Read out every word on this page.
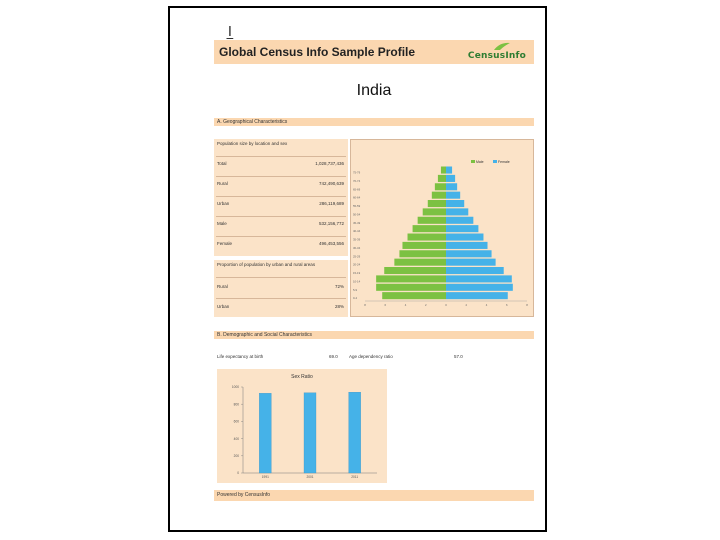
I̲
Global Census Info Sample Profile	CensusInfo
India
A. Geographical Characteristics
Population size by location and sex
Total	1,028,737,436
Rural	742,490,639
Urban	286,119,689
Male	532,156,772
Female	496,453,556
Proportion of population by urban and rural areas
Rural	72%
Urban	28%
Male	Female
0-4
5-9
10-14
15-19
20-24
25-29
30-34
35-39
40-44
45-49
50-54
55-59
60-64
65-69
70-74
75-79
8	6	4	2	0	2	4	6	8
B. Demographic and Social Characteristics
Life expectancy at birth	69.0 Age dependency ratio	57.0
Sex Ratio
0
200
400
600
800
1000
1991	2001	2011
Powered by CensusInfo
